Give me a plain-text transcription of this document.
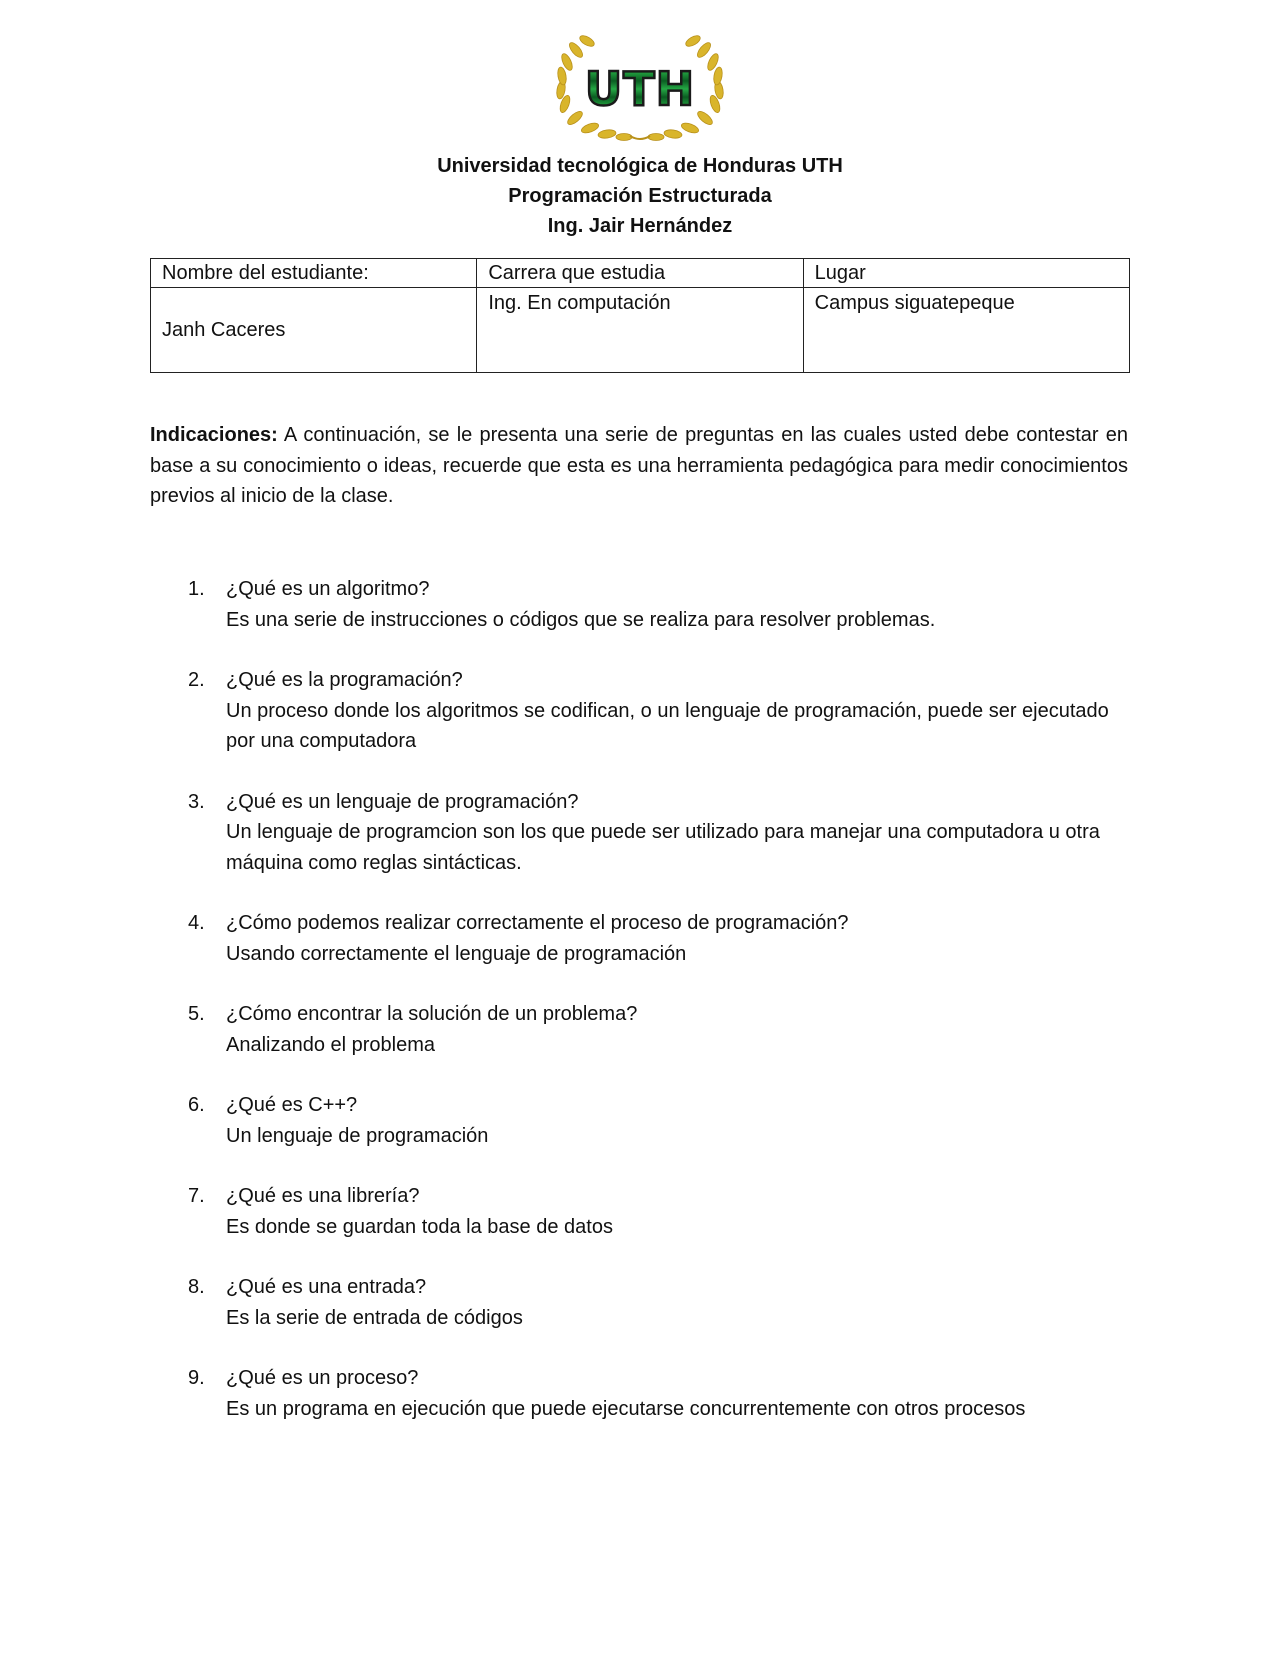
UTH
Universidad tecnológica de Honduras UTH
Programación Estructurada
Ing. Jair Hernández
Nombre del estudiante:	Carrera que estudia	Lugar
Janh Caceres	Ing. En computación	Campus siguatepeque
Indicaciones: A continuación, se le presenta una serie de preguntas en las cuales usted debe contestar en base a su conocimiento o ideas, recuerde que esta es una herramienta pedagógica para medir conocimientos previos al inicio de la clase.
1. ¿Qué es un algoritmo?
Es una serie de instrucciones o códigos que se realiza para resolver problemas.
2. ¿Qué es la programación?
Un proceso donde los algoritmos se codifican, o un lenguaje de programación, puede ser ejecutado por una computadora
3. ¿Qué es un lenguaje de programación?
Un lenguaje de programcion son los que puede ser utilizado para manejar una computadora u otra máquina como reglas sintácticas.
4. ¿Cómo podemos realizar correctamente el proceso de programación?
Usando correctamente el lenguaje de programación
5. ¿Cómo encontrar la solución de un problema?
Analizando el problema
6. ¿Qué es C++?
Un lenguaje de programación
7. ¿Qué es una librería?
Es donde se guardan toda la base de datos
8. ¿Qué es una entrada?
Es la serie de entrada de códigos
9. ¿Qué es un proceso?
Es un programa en ejecución que puede ejecutarse concurrentemente con otros procesos
